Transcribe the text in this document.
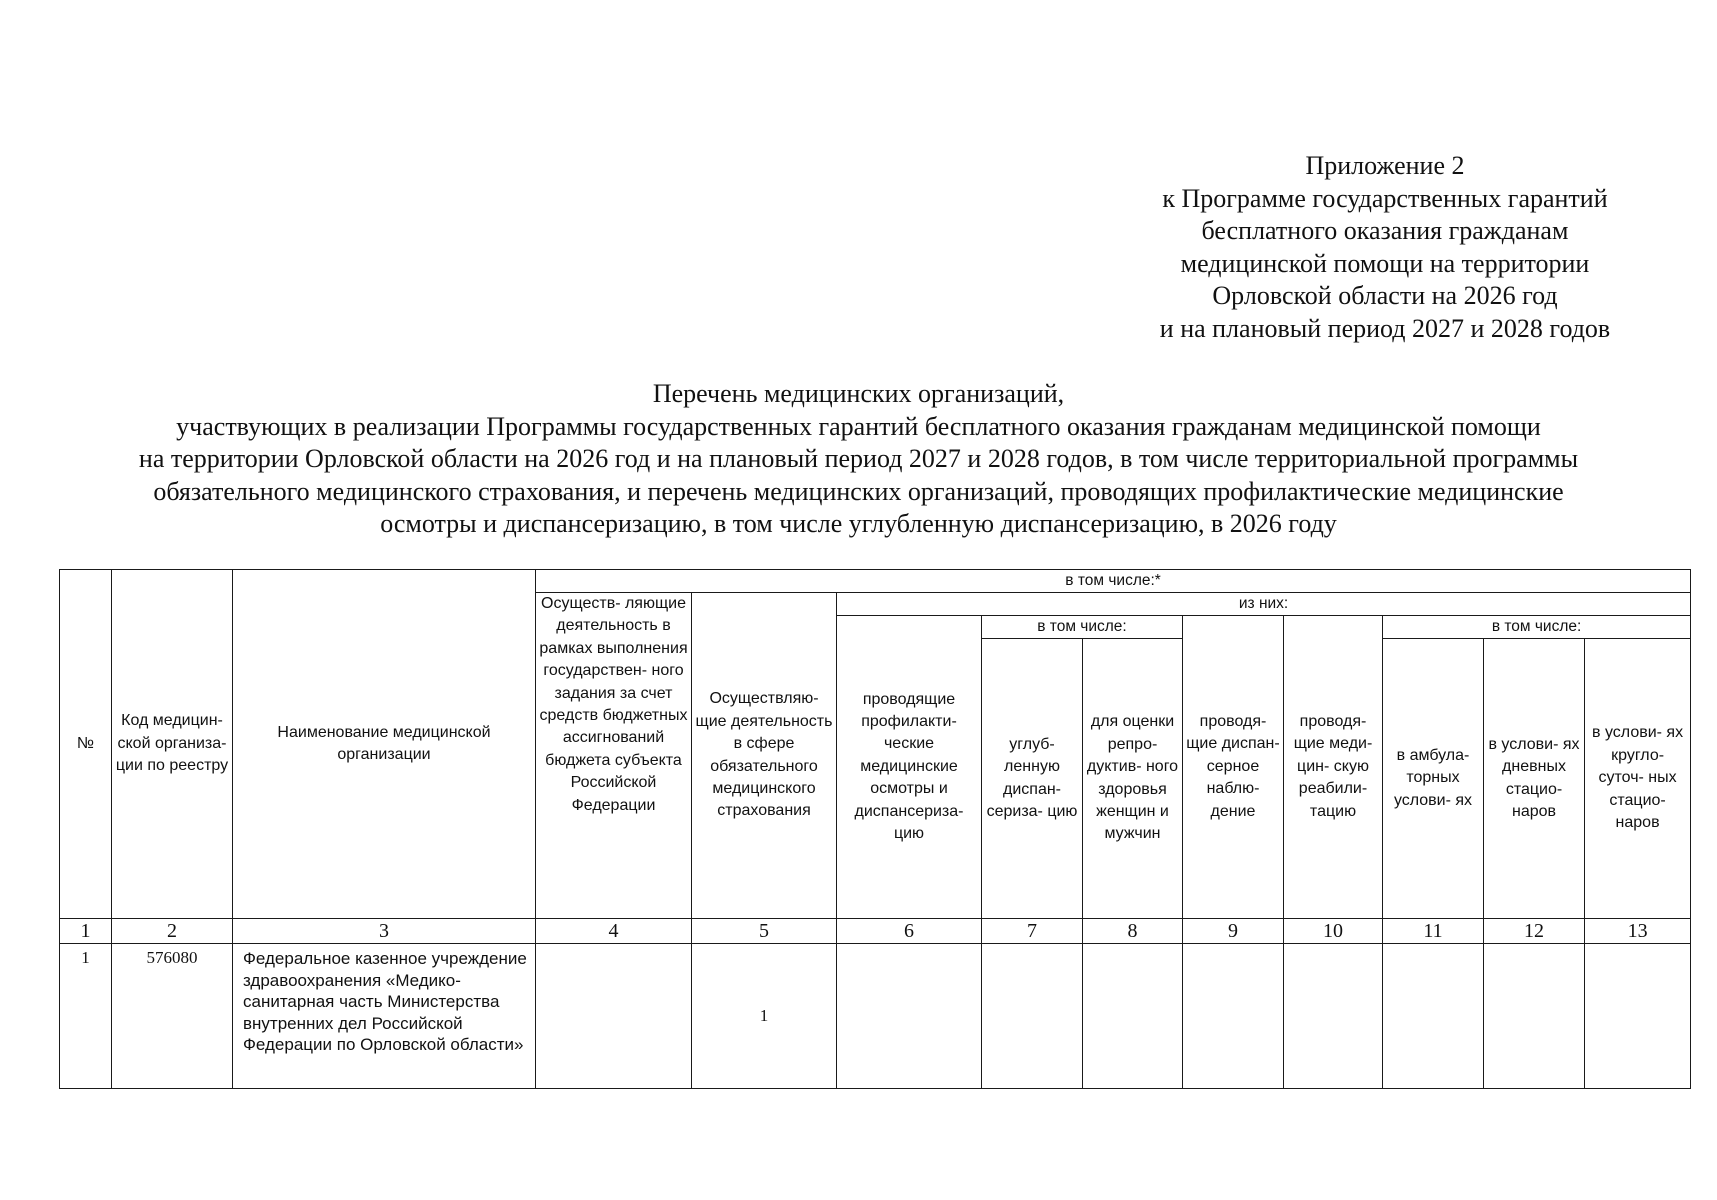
Приложение 2
к Программе государственных гарантий
бесплатного оказания гражданам
медицинской помощи на территории
Орловской области на 2026 год
и на плановый период 2027 и 2028 годов
Перечень медицинских организаций,
участвующих в реализации Программы государственных гарантий бесплатного оказания гражданам медицинской помощи
на территории Орловской области на 2026 год и на плановый период 2027 и 2028 годов, в том числе территориальной программы
обязательного медицинского страхования, и перечень медицинских организаций, проводящих профилактические медицинские
осмотры и диспансеризацию, в том числе углубленную диспансеризацию, в 2026 году
№	Код медицин- ской организа- ции по реестру	Наименование медицинской организации	в том числе:*									

			Осуществ- ляющие деятельность в рамках выполнения государствен- ного задания за счет средств бюджетных ассигнований бюджета субъекта Российской Федерации	Осуществляю- щие деятельность в сфере обязательного медицинского страхования	из них:							

					проводящие профилакти- ческие медицинские осмотры и диспансериза- цию	в том числе:		проводя- щие диспан- серное наблю- дение	проводя- щие меди- цин- скую реабили- тацию	в том числе:		

						углуб- ленную диспан- сериза- цию	для оценки репро- дуктив- ного здоровья женщин и мужчин			в амбула- торных услови- ях	в услови- ях дневных стацио- наров	в услови- ях кругло- суточ- ных стацио- наров

1	2	3	4	5	6	7	8	9	10	11	12	13
1	576080	Федеральное казенное учреждение здравоохранения «Медико-санитарная часть Министерства внутренних дел Российской Федерации по Орловской области»		1								
